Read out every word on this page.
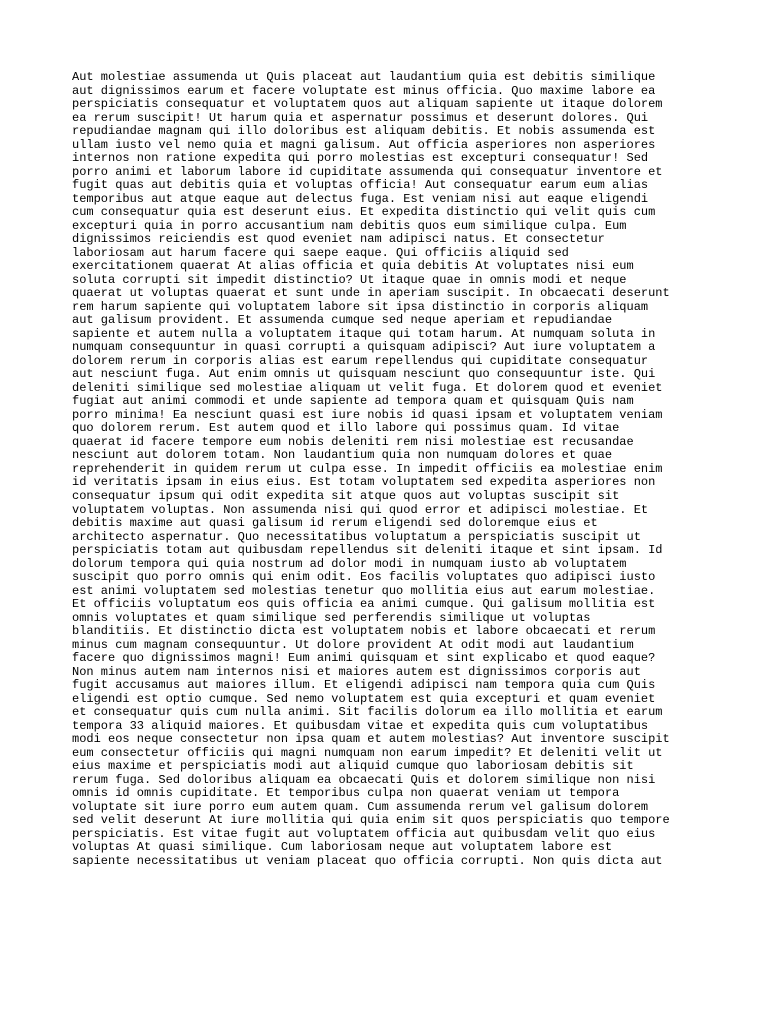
Aut molestiae assumenda ut Quis placeat aut laudantium quia est debitis similique
aut dignissimos earum et facere voluptate est minus officia. Quo maxime labore ea
perspiciatis consequatur et voluptatem quos aut aliquam sapiente ut itaque dolorem
ea rerum suscipit! Ut harum quia et aspernatur possimus et deserunt dolores. Qui
repudiandae magnam qui illo doloribus est aliquam debitis. Et nobis assumenda est
ullam iusto vel nemo quia et magni galisum. Aut officia asperiores non asperiores
internos non ratione expedita qui porro molestias est excepturi consequatur! Sed
porro animi et laborum labore id cupiditate assumenda qui consequatur inventore et
fugit quas aut debitis quia et voluptas officia! Aut consequatur earum eum alias
temporibus aut atque eaque aut delectus fuga. Est veniam nisi aut eaque eligendi
cum consequatur quia est deserunt eius. Et expedita distinctio qui velit quis cum
excepturi quia in porro accusantium nam debitis quos eum similique culpa. Eum
dignissimos reiciendis est quod eveniet nam adipisci natus. Et consectetur
laboriosam aut harum facere qui saepe eaque. Qui officiis aliquid sed
exercitationem quaerat At alias officia et quia debitis At voluptates nisi eum
soluta corrupti sit impedit distinctio? Ut itaque quae in omnis modi et neque
quaerat ut voluptas quaerat et sunt unde in aperiam suscipit. In obcaecati deserunt
rem harum sapiente qui voluptatem labore sit ipsa distinctio in corporis aliquam
aut galisum provident. Et assumenda cumque sed neque aperiam et repudiandae
sapiente et autem nulla a voluptatem itaque qui totam harum. At numquam soluta in
numquam consequuntur in quasi corrupti a quisquam adipisci? Aut iure voluptatem a
dolorem rerum in corporis alias est earum repellendus qui cupiditate consequatur
aut nesciunt fuga. Aut enim omnis ut quisquam nesciunt quo consequuntur iste. Qui
deleniti similique sed molestiae aliquam ut velit fuga. Et dolorem quod et eveniet
fugiat aut animi commodi et unde sapiente ad tempora quam et quisquam Quis nam
porro minima! Ea nesciunt quasi est iure nobis id quasi ipsam et voluptatem veniam
quo dolorem rerum. Est autem quod et illo labore qui possimus quam. Id vitae
quaerat id facere tempore eum nobis deleniti rem nisi molestiae est recusandae
nesciunt aut dolorem totam. Non laudantium quia non numquam dolores et quae
reprehenderit in quidem rerum ut culpa esse. In impedit officiis ea molestiae enim
id veritatis ipsam in eius eius. Est totam voluptatem sed expedita asperiores non
consequatur ipsum qui odit expedita sit atque quos aut voluptas suscipit sit
voluptatem voluptas. Non assumenda nisi qui quod error et adipisci molestiae. Et
debitis maxime aut quasi galisum id rerum eligendi sed doloremque eius et
architecto aspernatur. Quo necessitatibus voluptatum a perspiciatis suscipit ut
perspiciatis totam aut quibusdam repellendus sit deleniti itaque et sint ipsam. Id
dolorum tempora qui quia nostrum ad dolor modi in numquam iusto ab voluptatem
suscipit quo porro omnis qui enim odit. Eos facilis voluptates quo adipisci iusto
est animi voluptatem sed molestias tenetur quo mollitia eius aut earum molestiae.
Et officiis voluptatum eos quis officia ea animi cumque. Qui galisum mollitia est
omnis voluptates et quam similique sed perferendis similique ut voluptas
blanditiis. Et distinctio dicta est voluptatem nobis et labore obcaecati et rerum
minus cum magnam consequuntur. Ut dolore provident At odit modi aut laudantium
facere quo dignissimos magni! Eum animi quisquam et sint explicabo et quod eaque?
Non minus autem nam internos nisi et maiores autem est dignissimos corporis aut
fugit accusamus aut maiores illum. Et eligendi adipisci nam tempora quia cum Quis
eligendi est optio cumque. Sed nemo voluptatem est quia excepturi et quam eveniet
et consequatur quis cum nulla animi. Sit facilis dolorum ea illo mollitia et earum
tempora 33 aliquid maiores. Et quibusdam vitae et expedita quis cum voluptatibus
modi eos neque consectetur non ipsa quam et autem molestias? Aut inventore suscipit
eum consectetur officiis qui magni numquam non earum impedit? Et deleniti velit ut
eius maxime et perspiciatis modi aut aliquid cumque quo laboriosam debitis sit
rerum fuga. Sed doloribus aliquam ea obcaecati Quis et dolorem similique non nisi
omnis id omnis cupiditate. Et temporibus culpa non quaerat veniam ut tempora
voluptate sit iure porro eum autem quam. Cum assumenda rerum vel galisum dolorem
sed velit deserunt At iure mollitia qui quia enim sit quos perspiciatis quo tempore
perspiciatis. Est vitae fugit aut voluptatem officia aut quibusdam velit quo eius
voluptas At quasi similique. Cum laboriosam neque aut voluptatem labore est
sapiente necessitatibus ut veniam placeat quo officia corrupti. Non quis dicta aut
